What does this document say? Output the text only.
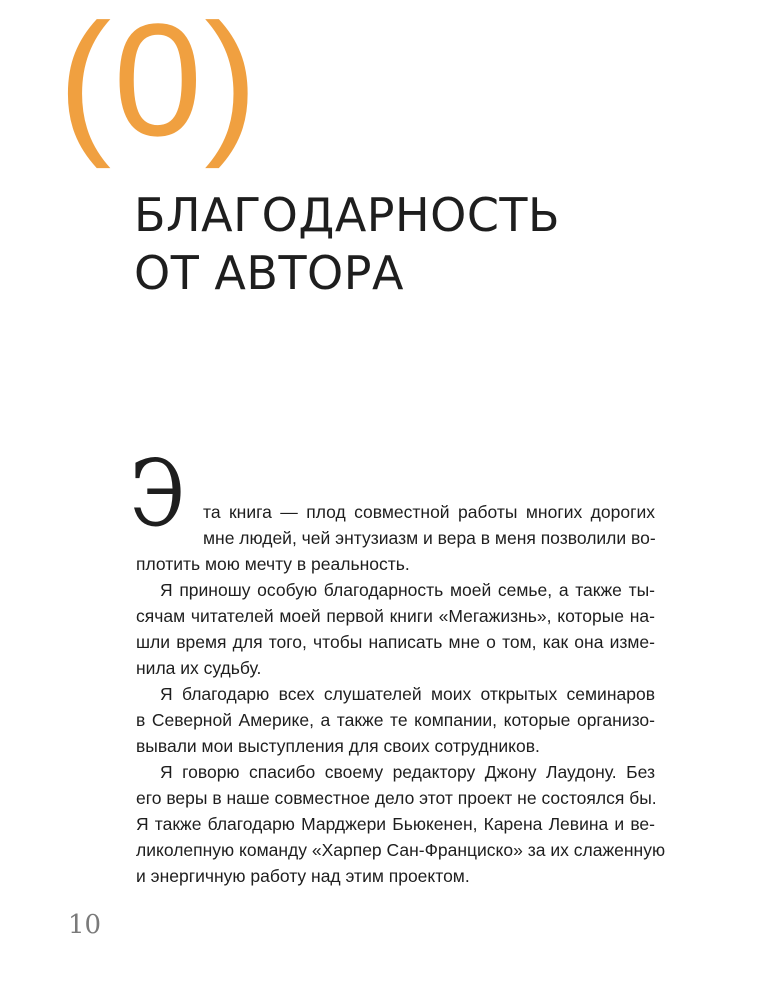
(0)
БЛАГОДАРНОСТЬ
ОТ АВТОРА
Э та книга — плод совместной работы многих дорогих
мне людей, чей энтузиазм и вера в меня позволили во-
плотить мою мечту в реальность.
Я приношу особую благодарность моей семье, а также ты-
сячам читателей моей первой книги «Мегажизнь», которые на-
шли время для того, чтобы написать мне о том, как она изме-
нила их судьбу.
Я благодарю всех слушателей моих открытых семинаров
в Северной Америке, а также те компании, которые организо-
вывали мои выступления для своих сотрудников.
Я говорю спасибо своему редактору Джону Лаудону. Без
его веры в наше совместное дело этот проект не состоялся бы.
Я также благодарю Марджери Бьюкенен, Карена Левина и ве-
ликолепную команду «Харпер Сан-Франциско» за их слаженную
и энергичную работу над этим проектом.
10
